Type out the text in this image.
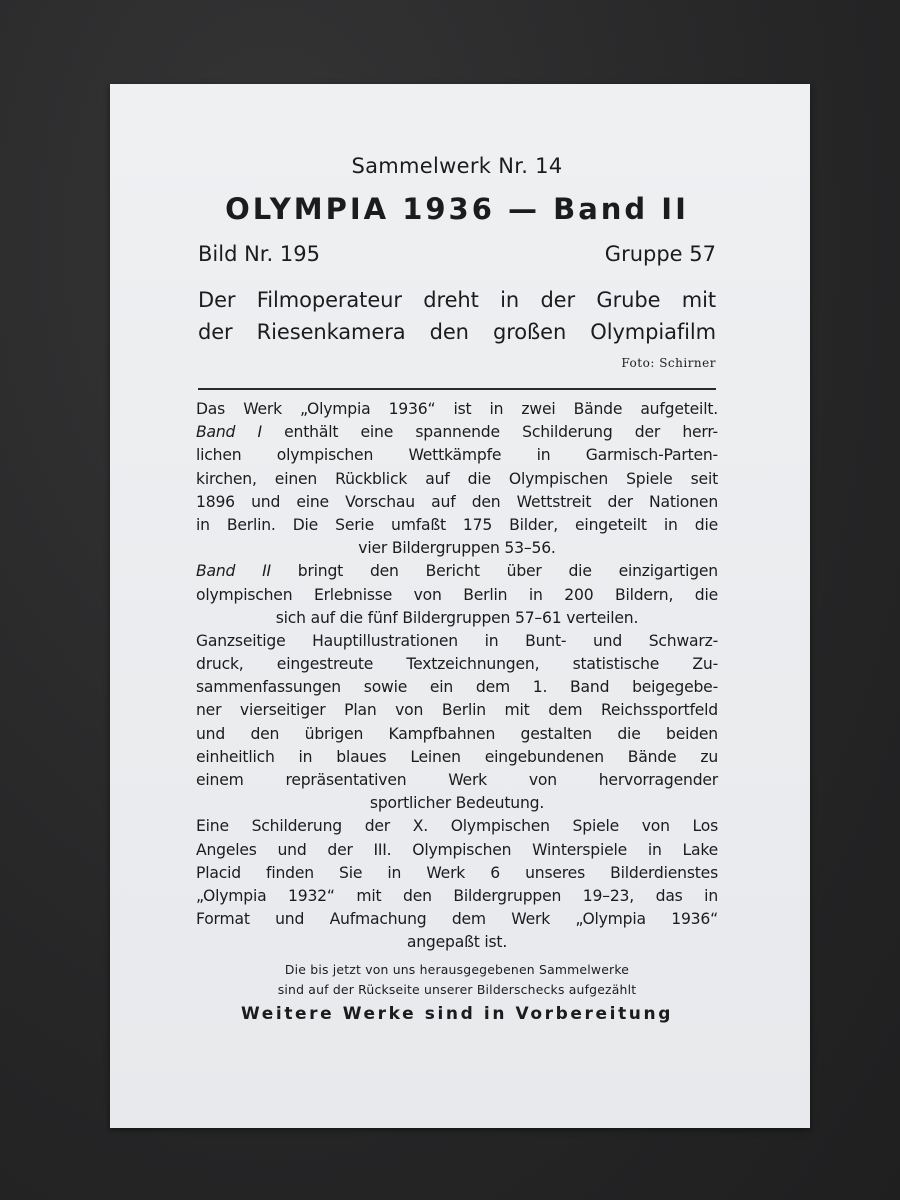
Sammelwerk Nr. 14
OLYMPIA 1936 — Band II
Bild Nr. 195	Gruppe 57
Der Filmoperateur dreht in der Grube mit
der Riesenkamera den großen Olympiafilm
Foto: Schirner
Das Werk „Olympia 1936“ ist in zwei Bände aufgeteilt.
Band I enthält eine spannende Schilderung der herr-
lichen olympischen Wettkämpfe in Garmisch-Parten-
kirchen, einen Rückblick auf die Olympischen Spiele seit
1896 und eine Vorschau auf den Wettstreit der Nationen
in Berlin. Die Serie umfaßt 175 Bilder, eingeteilt in die
vier Bildergruppen 53–56.
Band II bringt den Bericht über die einzigartigen
olympischen Erlebnisse von Berlin in 200 Bildern, die
sich auf die fünf Bildergruppen 57–61 verteilen.
Ganzseitige Hauptillustrationen in Bunt- und Schwarz-
druck, eingestreute Textzeichnungen, statistische Zu-
sammenfassungen sowie ein dem 1. Band beigegebe-
ner vierseitiger Plan von Berlin mit dem Reichssportfeld
und den übrigen Kampfbahnen gestalten die beiden
einheitlich in blaues Leinen eingebundenen Bände zu
einem repräsentativen Werk von hervorragender
sportlicher Bedeutung.
Eine Schilderung der X. Olympischen Spiele von Los
Angeles und der III. Olympischen Winterspiele in Lake
Placid finden Sie in Werk 6 unseres Bilderdienstes
„Olympia 1932“ mit den Bildergruppen 19–23, das in
Format und Aufmachung dem Werk „Olympia 1936“
angepaßt ist.
Die bis jetzt von uns herausgegebenen Sammelwerke
sind auf der Rückseite unserer Bilderschecks aufgezählt
Weitere Werke sind in Vorbereitung
